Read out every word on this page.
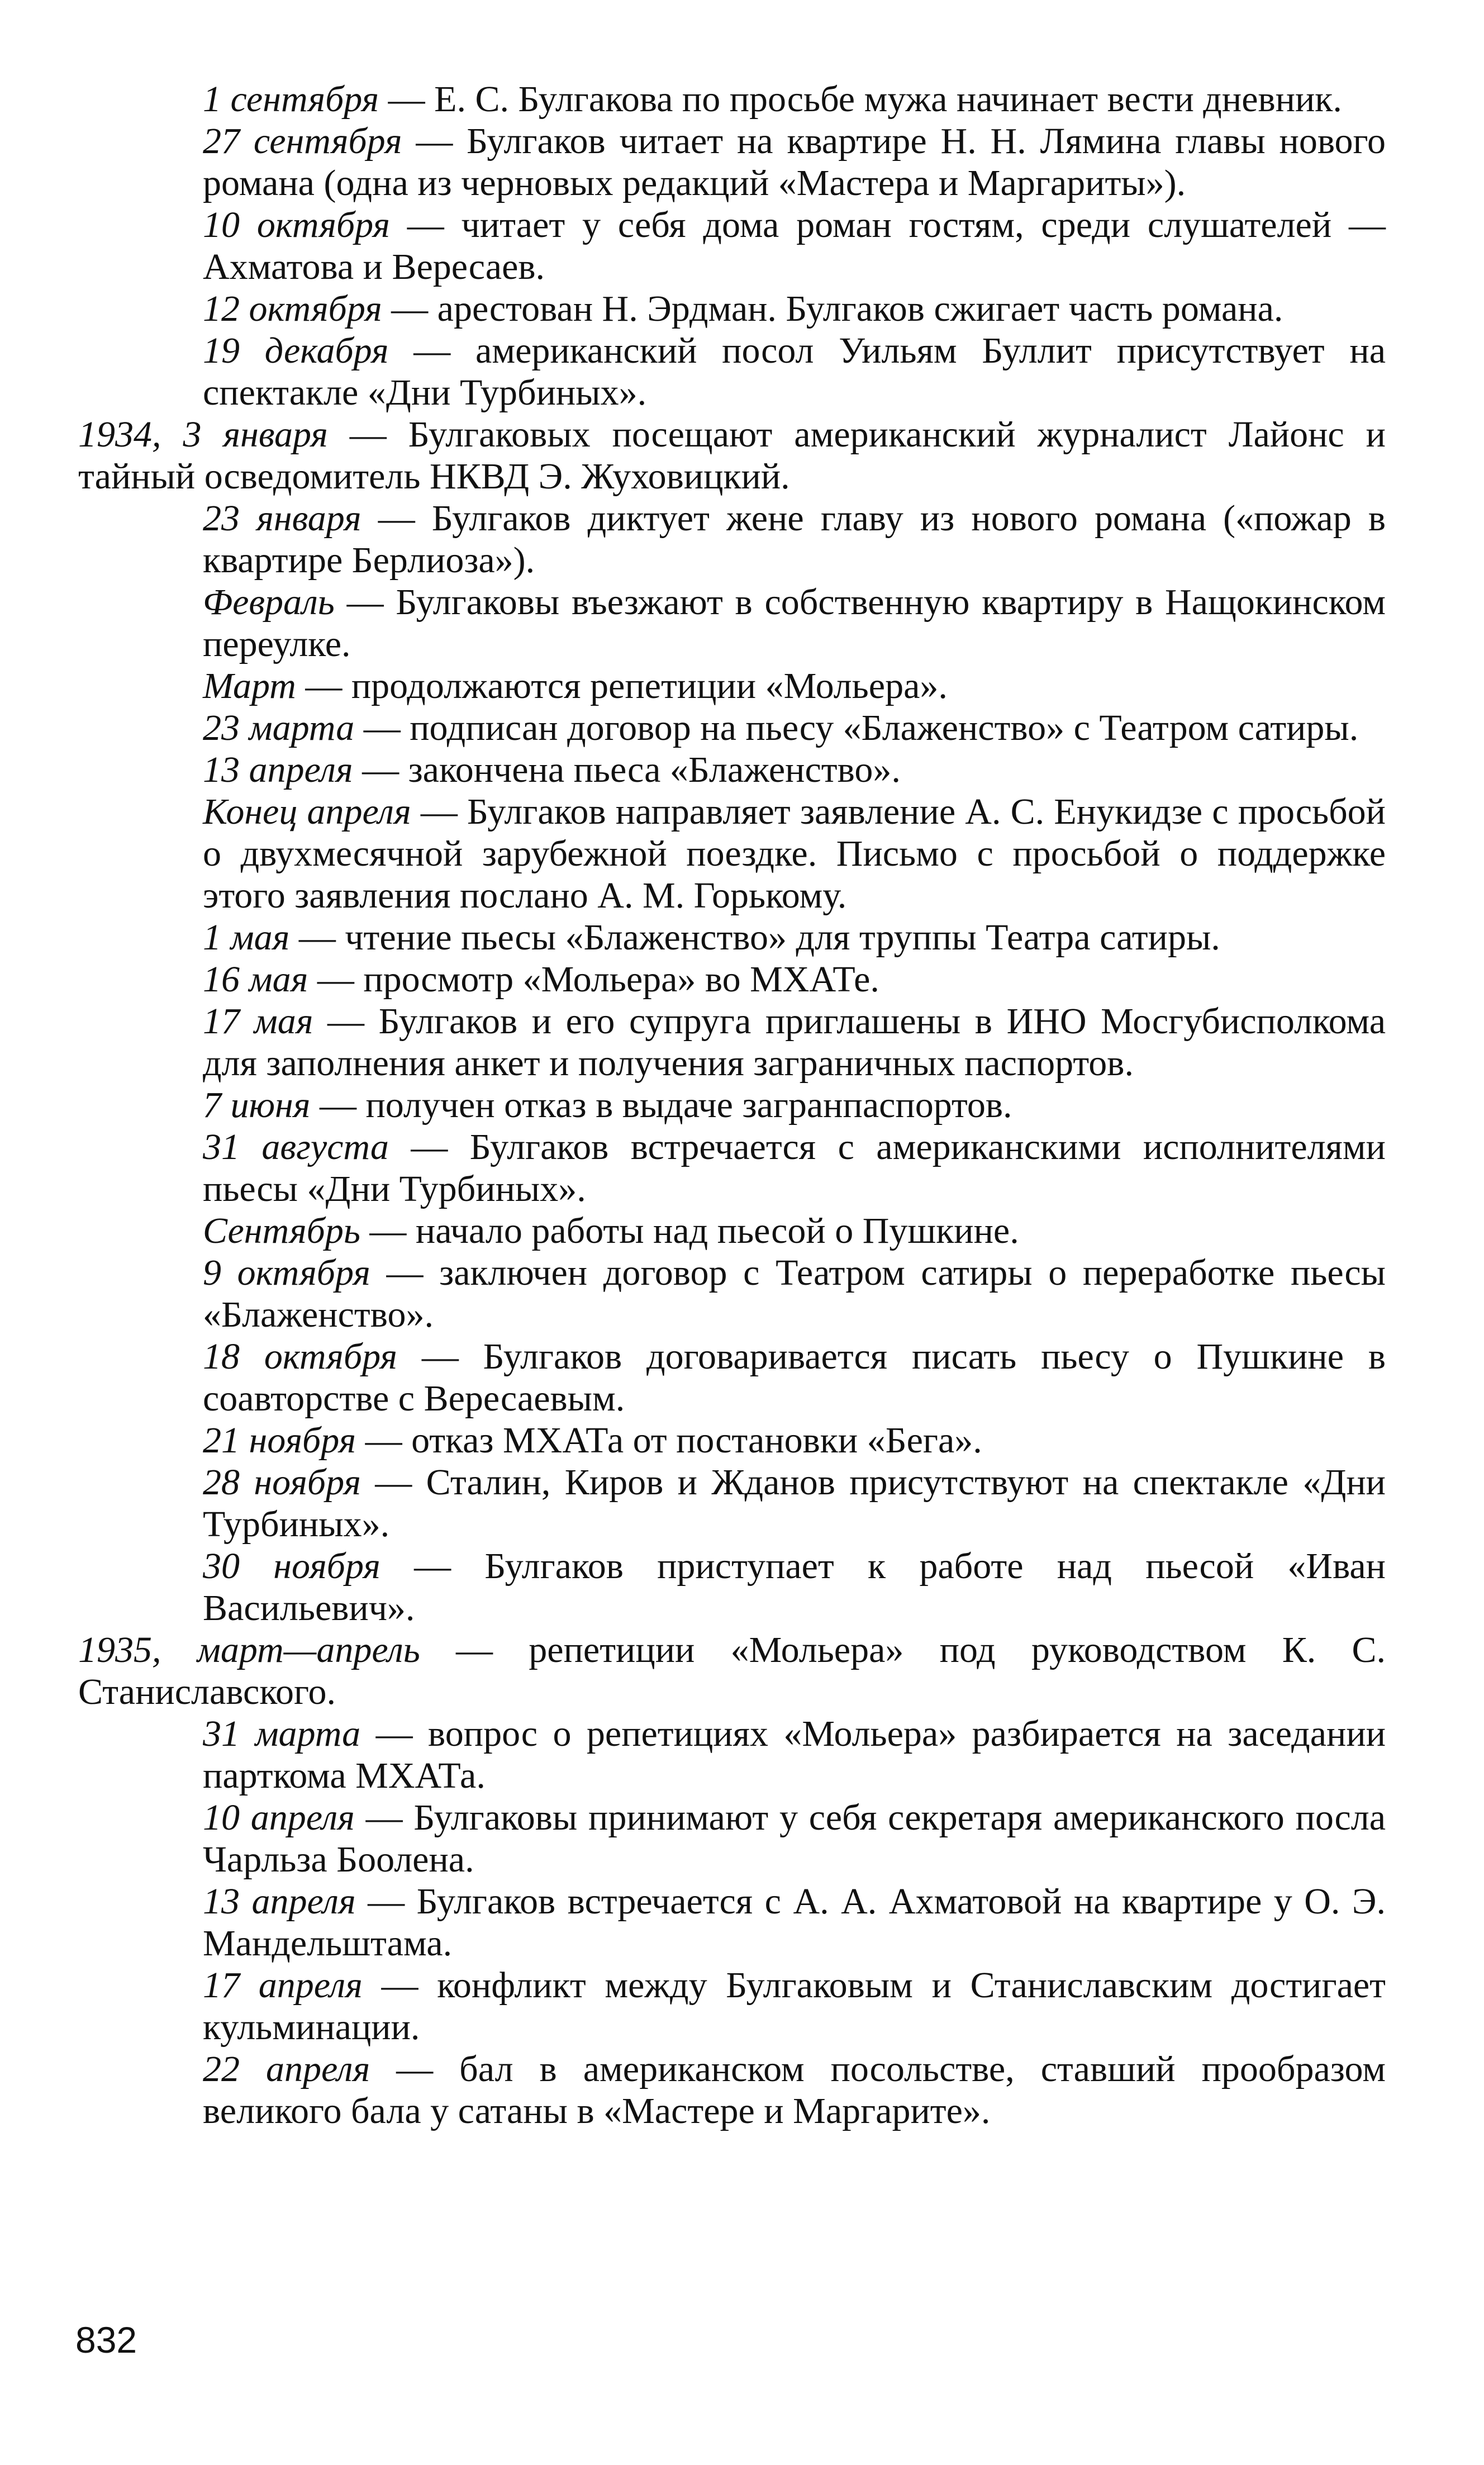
1 сентября — Е. С. Булгакова по просьбе мужа начинает вести дневник.

27 сентября — Булгаков читает на квартире Н. Н. Лямина главы нового романа (одна из черновых редакций «Мастера и Маргариты»).

10 октября — читает у себя дома роман гостям, среди слушателей — Ахматова и Вересаев.

12 октября — арестован Н. Эрдман. Булгаков сжигает часть романа.

19 декабря — американский посол Уильям Буллит присутствует на спектакле «Дни Турбиных».

1934, 3 января — Булгаковых посещают американский журналист Лайонс и тайный осведомитель НКВД Э. Жуховицкий.

23 января — Булгаков диктует жене главу из нового романа («пожар в квартире Берлиоза»).

Февраль — Булгаковы въезжают в собственную квартиру в Нащокинском переулке.

Март — продолжаются репетиции «Мольера».

23 марта — подписан договор на пьесу «Блаженство» с Театром сатиры.

13 апреля — закончена пьеса «Блаженство».

Конец апреля — Булгаков направляет заявление А. С. Енукидзе с просьбой о двухмесячной зарубежной поездке. Письмо с просьбой о поддержке этого заявления послано А. М. Горькому.

1 мая — чтение пьесы «Блаженство» для труппы Театра сатиры.

16 мая — просмотр «Мольера» во МХАТе.

17 мая — Булгаков и его супруга приглашены в ИНО Мосгубисполкома для заполнения анкет и получения заграничных паспортов.

7 июня — получен отказ в выдаче загранпаспортов.

31 августа — Булгаков встречается с американскими исполнителями пьесы «Дни Турбиных».

Сентябрь — начало работы над пьесой о Пушкине.

9 октября — заключен договор с Театром сатиры о переработке пьесы «Блаженство».

18 октября — Булгаков договаривается писать пьесу о Пушкине в соавторстве с Вересаевым.

21 ноября — отказ МХАТа от постановки «Бега».

28 ноября — Сталин, Киров и Жданов присутствуют на спектакле «Дни Турбиных».

30 ноября — Булгаков приступает к работе над пьесой «Иван Васильевич».

1935, март—апрель — репетиции «Мольера» под руководством К. С. Станиславского.

31 марта — вопрос о репетициях «Мольера» разбирается на заседании парткома МХАТа.

10 апреля — Булгаковы принимают у себя секретаря американского посла Чарльза Боолена.

13 апреля — Булгаков встречается с А. А. Ахматовой на квартире у О. Э. Мандельштама.

17 апреля — конфликт между Булгаковым и Станиславским достигает кульминации.

22 апреля — бал в американском посольстве, ставший прообразом великого бала у сатаны в «Мастере и Маргарите».

832
